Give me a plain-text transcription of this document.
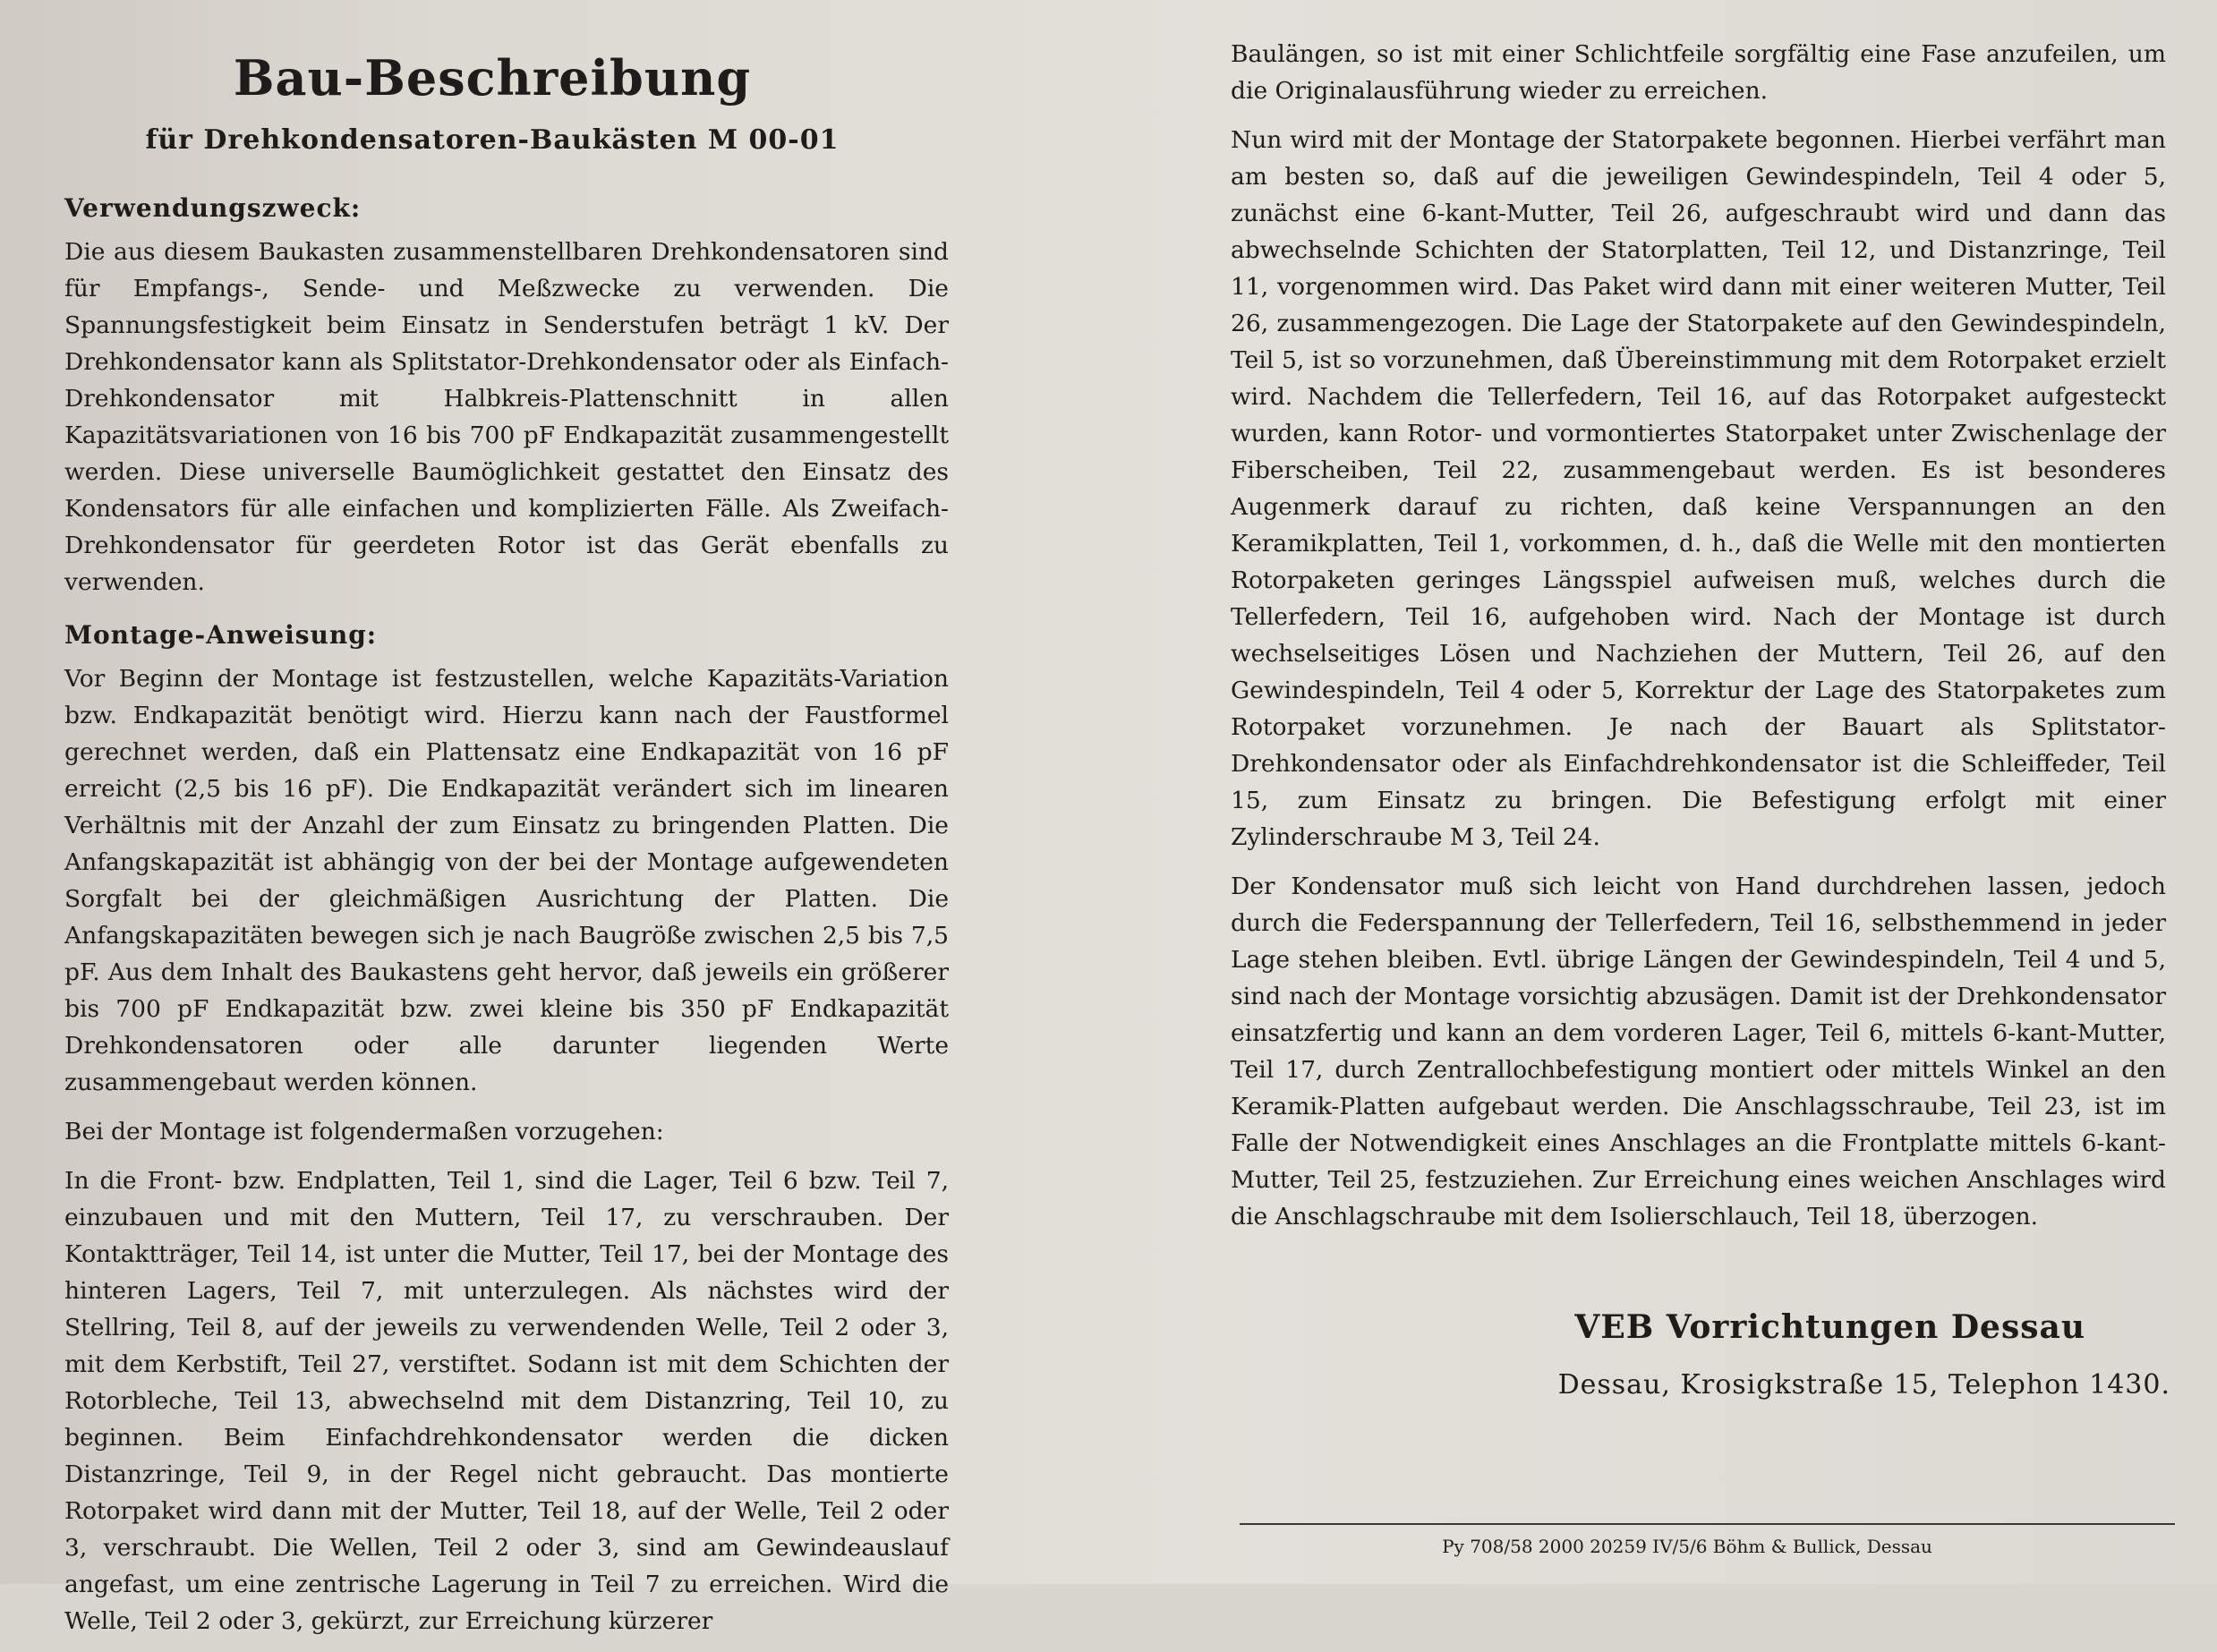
Bau-Beschreibung
für Drehkondensatoren-Baukästen M 00-01
Verwendungszweck:

Die aus diesem Baukasten zusammenstellbaren Drehkondensatoren sind für Empfangs-, Sende- und Meßzwecke zu verwenden. Die Spannungsfestigkeit beim Einsatz in Senderstufen beträgt 1 kV. Der Drehkondensator kann als Splitstator-Drehkondensator oder als Einfach-Drehkondensator mit Halbkreis-Plattenschnitt in allen Kapazitätsvariationen von 16 bis 700 pF Endkapazität zusammengestellt werden. Diese universelle Baumöglichkeit gestattet den Einsatz des Kondensators für alle einfachen und komplizierten Fälle. Als Zweifach-Drehkondensator für geerdeten Rotor ist das Gerät ebenfalls zu verwenden.

Montage-Anweisung:

Vor Beginn der Montage ist festzustellen, welche Kapazitäts-Variation bzw. Endkapazität benötigt wird. Hierzu kann nach der Faustformel gerechnet werden, daß ein Plattensatz eine Endkapazität von 16 pF erreicht (2,5 bis 16 pF). Die Endkapazität verändert sich im linearen Verhältnis mit der Anzahl der zum Einsatz zu bringenden Platten. Die Anfangskapazität ist abhängig von der bei der Montage aufgewendeten Sorgfalt bei der gleichmäßigen Ausrichtung der Platten. Die Anfangskapazitäten bewegen sich je nach Baugröße zwischen 2,5 bis 7,5 pF. Aus dem Inhalt des Baukastens geht hervor, daß jeweils ein größerer bis 700 pF Endkapazität bzw. zwei kleine bis 350 pF Endkapazität Drehkondensatoren oder alle darunter liegenden Werte zusammengebaut werden können.

Bei der Montage ist folgendermaßen vorzugehen:

In die Front- bzw. Endplatten, Teil 1, sind die Lager, Teil 6 bzw. Teil 7, einzubauen und mit den Muttern, Teil 17, zu verschrauben. Der Kontaktträger, Teil 14, ist unter die Mutter, Teil 17, bei der Montage des hinteren Lagers, Teil 7, mit unterzulegen. Als nächstes wird der Stellring, Teil 8, auf der jeweils zu verwendenden Welle, Teil 2 oder 3, mit dem Kerbstift, Teil 27, verstiftet. Sodann ist mit dem Schichten der Rotorbleche, Teil 13, abwechselnd mit dem Distanzring, Teil 10, zu beginnen. Beim Einfachdrehkondensator werden die dicken Distanzringe, Teil 9, in der Regel nicht gebraucht. Das montierte Rotorpaket wird dann mit der Mutter, Teil 18, auf der Welle, Teil 2 oder 3, verschraubt. Die Wellen, Teil 2 oder 3, sind am Gewindeauslauf angefast, um eine zentrische Lagerung in Teil 7 zu erreichen. Wird die Welle, Teil 2 oder 3, gekürzt, zur Erreichung kürzerer

Baulängen, so ist mit einer Schlichtfeile sorgfältig eine Fase anzufeilen, um die Originalausführung wieder zu erreichen.

Nun wird mit der Montage der Statorpakete begonnen. Hierbei verfährt man am besten so, daß auf die jeweiligen Gewindespindeln, Teil 4 oder 5, zunächst eine 6-kant-Mutter, Teil 26, aufgeschraubt wird und dann das abwechselnde Schichten der Statorplatten, Teil 12, und Distanzringe, Teil 11, vorgenommen wird. Das Paket wird dann mit einer weiteren Mutter, Teil 26, zusammengezogen. Die Lage der Statorpakete auf den Gewindespindeln, Teil 5, ist so vorzunehmen, daß Übereinstimmung mit dem Rotorpaket erzielt wird. Nachdem die Tellerfedern, Teil 16, auf das Rotorpaket aufgesteckt wurden, kann Rotor- und vormontiertes Statorpaket unter Zwischenlage der Fiberscheiben, Teil 22, zusammengebaut werden. Es ist besonderes Augenmerk darauf zu richten, daß keine Verspannungen an den Keramikplatten, Teil 1, vorkommen, d. h., daß die Welle mit den montierten Rotorpaketen geringes Längsspiel aufweisen muß, welches durch die Tellerfedern, Teil 16, aufgehoben wird. Nach der Montage ist durch wechselseitiges Lösen und Nachziehen der Muttern, Teil 26, auf den Gewindespindeln, Teil 4 oder 5, Korrektur der Lage des Statorpaketes zum Rotorpaket vorzunehmen. Je nach der Bauart als Splitstator-Drehkondensator oder als Einfachdrehkondensator ist die Schleiffeder, Teil 15, zum Einsatz zu bringen. Die Befestigung erfolgt mit einer Zylinderschraube M 3, Teil 24.

Der Kondensator muß sich leicht von Hand durchdrehen lassen, jedoch durch die Federspannung der Tellerfedern, Teil 16, selbsthemmend in jeder Lage stehen bleiben. Evtl. übrige Längen der Gewindespindeln, Teil 4 und 5, sind nach der Montage vorsichtig abzusägen. Damit ist der Drehkondensator einsatzfertig und kann an dem vorderen Lager, Teil 6, mittels 6-kant-Mutter, Teil 17, durch Zentrallochbefestigung montiert oder mittels Winkel an den Keramik-Platten aufgebaut werden. Die Anschlagsschraube, Teil 23, ist im Falle der Notwendigkeit eines Anschlages an die Frontplatte mittels 6-kant-Mutter, Teil 25, festzuziehen. Zur Erreichung eines weichen Anschlages wird die Anschlagschraube mit dem Isolierschlauch, Teil 18, überzogen.

VEB Vorrichtungen Dessau
Dessau, Krosigkstraße 15, Telephon 1430.
Py 708/58 2000 20259 IV/5/6 Böhm & Bullick, Dessau
